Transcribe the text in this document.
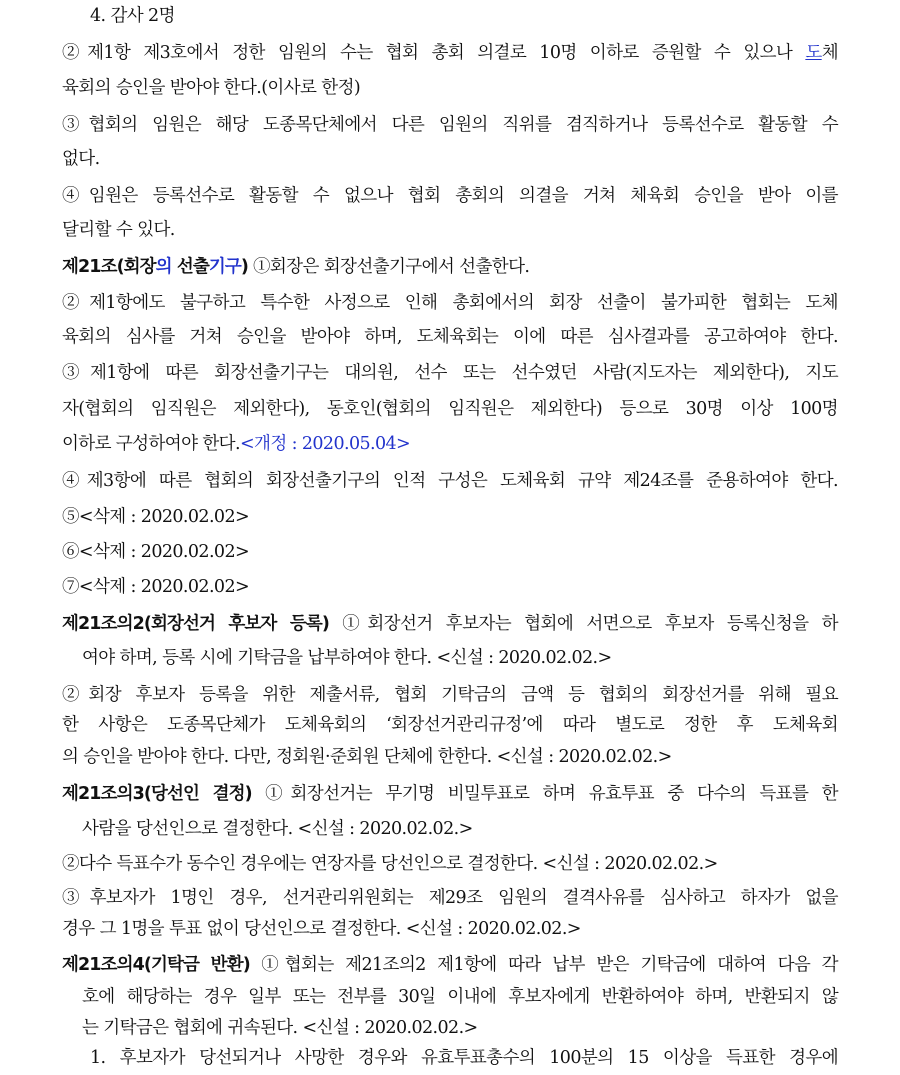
4. 감사 2명
②제1항 제3호에서 정한 임원의 수는 협회 총회 의결로 10명 이하로 증원할 수 있으나 도체
육회의 승인을 받아야 한다.(이사로 한정)
③협회의 임원은 해당 도종목단체에서 다른 임원의 직위를 겸직하거나 등록선수로 활동할 수
없다.
④임원은 등록선수로 활동할 수 없으나 협회 총회의 의결을 거쳐 체육회 승인을 받아 이를
달리할 수 있다.
제21조(회장의 선출기구) ①회장은 회장선출기구에서 선출한다.
②제1항에도 불구하고 특수한 사정으로 인해 총회에서의 회장 선출이 불가피한 협회는 도체
육회의 심사를 거쳐 승인을 받아야 하며, 도체육회는 이에 따른 심사결과를 공고하여야 한다.
③제1항에 따른 회장선출기구는 대의원, 선수 또는 선수였던 사람(지도자는 제외한다), 지도
자(협회의 임직원은 제외한다), 동호인(협회의 임직원은 제외한다) 등으로 30명 이상 100명
이하로 구성하여야 한다.<개정 : 2020.05.04>
④제3항에 따른 협회의 회장선출기구의 인적 구성은 도체육회 규약 제24조를 준용하여야 한다.
⑤<삭제 : 2020.02.02>
⑥<삭제 : 2020.02.02>
⑦<삭제 : 2020.02.02>
제21조의2(회장선거 후보자 등록) ①회장선거 후보자는 협회에 서면으로 후보자 등록신청을 하
여야 하며, 등록 시에 기탁금을 납부하여야 한다. <신설 : 2020.02.02.>
②회장 후보자 등록을 위한 제출서류, 협회 기탁금의 금액 등 협회의 회장선거를 위해 필요
한 사항은 도종목단체가 도체육회의 ‘회장선거관리규정’에 따라 별도로 정한 후 도체육회
의 승인을 받아야 한다. 다만, 정회원·준회원 단체에 한한다. <신설 : 2020.02.02.>
제21조의3(당선인 결정) ①회장선거는 무기명 비밀투표로 하며 유효투표 중 다수의 득표를 한
사람을 당선인으로 결정한다. <신설 : 2020.02.02.>
②다수 득표수가 동수인 경우에는 연장자를 당선인으로 결정한다. <신설 : 2020.02.02.>
③후보자가 1명인 경우, 선거관리위원회는 제29조 임원의 결격사유를 심사하고 하자가 없을
경우 그 1명을 투표 없이 당선인으로 결정한다. <신설 : 2020.02.02.>
제21조의4(기탁금 반환) ①협회는 제21조의2 제1항에 따라 납부 받은 기탁금에 대하여 다음 각
호에 해당하는 경우 일부 또는 전부를 30일 이내에 후보자에게 반환하여야 하며, 반환되지 않
는 기탁금은 협회에 귀속된다. <신설 : 2020.02.02.>
1. 후보자가 당선되거나 사망한 경우와 유효투표총수의 100분의 15 이상을 득표한 경우에
